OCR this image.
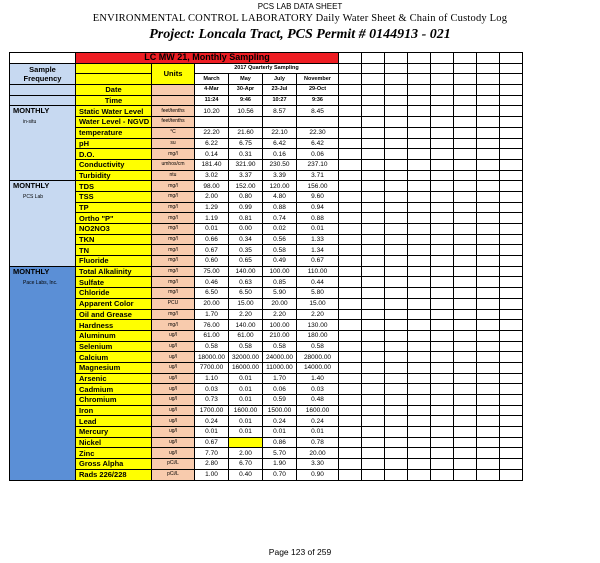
PCS LAB DATA SHEET
ENVIRONMENTAL CONTROL LABORATORY Daily Water Sheet & Chain of Custody Log
Project: Loncala Tract, PCS Permit # 0144913 - 021
	LC MW 21, Monthly Sampling													
Sample Frequency		Units	2017 Quarterly Sampling											
			March	May	July	November								
	Date		4-Mar	30-Apr	23-Jul	29-Oct								
	Time		11:24	9:46	10:27	9:36								

MONTHLY
in-situ	Static Water Level	feet/tenths	10.20	10.56	8.57	8.45								
	Water Level - NGVD	feet/tenths												
	temperature	°C	22.20	21.60	22.10	22.30								
	pH	su	6.22	6.75	6.42	6.42								
	D.O.	mg/l	0.14	0.31	0.16	0.06								
	Conductivity	umhos/cm	181.40	321.90	230.50	237.10								
	Turbidity	ntu	3.02	3.37	3.39	3.71								

MONTHLY
PCS Lab	TDS	mg/l	98.00	152.00	120.00	156.00								
	TSS	mg/l	2.00	0.80	4.80	9.60								
	TP	mg/l	1.29	0.99	0.88	0.94								
	Ortho "P"	mg/l	1.19	0.81	0.74	0.88								
	NO2NO3	mg/l	0.01	0.00	0.02	0.01								
	TKN	mg/l	0.66	0.34	0.56	1.33								
	TN	mg/l	0.67	0.35	0.58	1.34								
	Fluoride	mg/l	0.60	0.65	0.49	0.67								

MONTHLY
Pace Labs, Inc.	Total Alkalinity	mg/l	75.00	140.00	100.00	110.00								
	Sulfate	mg/l	0.46	0.63	0.85	0.44								
	Chloride	mg/l	6.50	6.50	5.90	5.80								
	Apparent Color	PCU	20.00	15.00	20.00	15.00								
	Oil and Grease	mg/l	1.70	2.20	2.20	2.20								
	Hardness	mg/l	76.00	140.00	100.00	130.00								
	Aluminum	ug/l	61.00	61.00	210.00	180.00								
	Selenium	ug/l	0.58	0.58	0.58	0.58								
	Calcium	ug/l	18000.00	32000.00	24000.00	28000.00								
	Magnesium	ug/l	7700.00	16000.00	11000.00	14000.00								
	Arsenic	ug/l	1.10	0.01	1.70	1.40								
	Cadmium	ug/l	0.03	0.01	0.06	0.03								
	Chromium	ug/l	0.73	0.01	0.59	0.48								
	Iron	ug/l	1700.00	1600.00	1500.00	1600.00								
	Lead	ug/l	0.24	0.01	0.24	0.24								
	Mercury	ug/l	0.01	0.01	0.01	0.01								
	Nickel	ug/l	0.67		0.86	0.78								
	Zinc	ug/l	7.70	2.00	5.70	20.00								
	Gross Alpha	pCi/L	2.80	6.70	1.90	3.30								
	Rads 226/228	pCi/L	1.00	0.40	0.70	0.90								
Page 123 of 259
